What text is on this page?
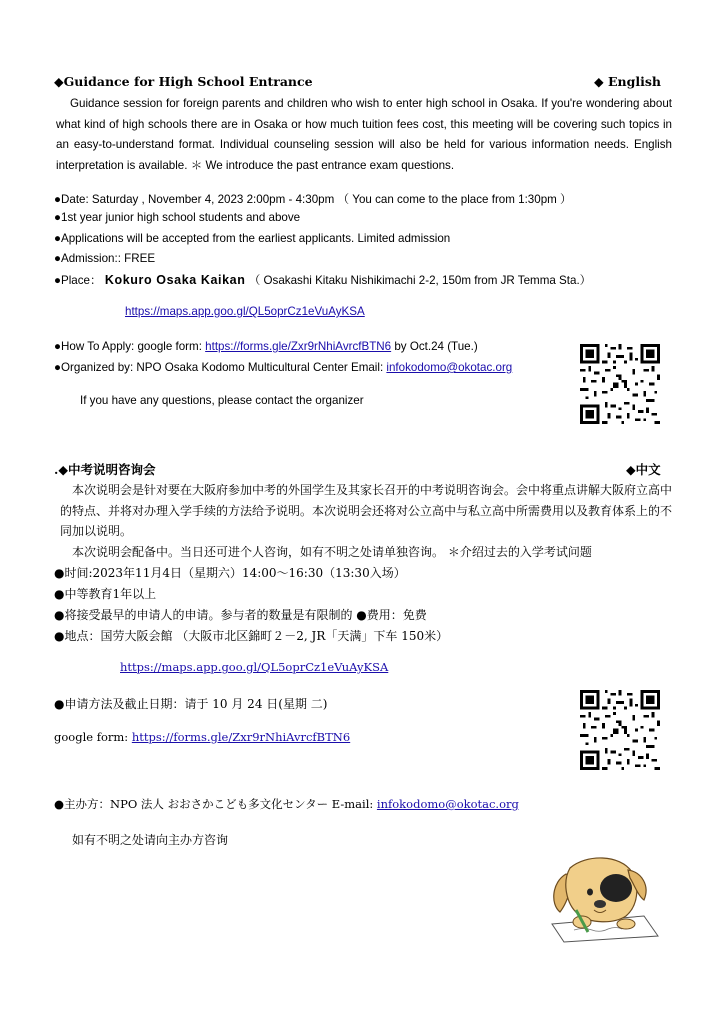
◆Guidance for High School Entrance	◆ English

Guidance session for foreign parents and children who wish to enter high school in Osaka. If you're wondering about what kind of high schools there are in Osaka or how much tuition fees cost, this meeting will be covering such topics in an easy-to-understand format. Individual counseling session will also be held for various information needs. English interpretation is available. ＊ We introduce the past entrance exam questions.

●Date: Saturday , November 4, 2023 2:00pm - 4:30pm （ You can come to the place from 1:30pm ）
●1st year junior high school students and above
●Applications will be accepted from the earliest applicants. Limited admission
●Admission:: FREE
●Place： Kokuro Osaka Kaikan （ Osakashi Kitaku Nishikimachi 2-2, 150m from JR Temma Sta.）
https://maps.app.goo.gl/QL5oprCz1eVuAyKSA
●How To Apply: google form: https://forms.gle/Zxr9rNhiAvrcfBTN6 by Oct.24 (Tue.)
●Organized by: NPO Osaka Kodomo Multicultural Center Email: infokodomo@okotac.org
If you have any questions, please contact the organizer
.◆中考说明咨询会	◆中文

本次说明会是针对要在大阪府参加中考的外国学生及其家长召开的中考说明咨询会。会中将重点讲解大阪府立高中的特点、并将对办理入学手续的方法给予说明。本次说明会还将对公立高中与私立高中所需费用以及教育体系上的不同加以说明。

本次说明会配备中。当日还可进个人咨询，如有不明之处请单独咨询。 ＊介绍过去的入学考试问题
●时间:2023年11月4日（星期六）14:00～16:30（13:30入场）
●中等教育1年以上
●将接受最早的申请人的申请。参与者的数量是有限制的 ●费用：免费
●地点：国劳大阪会館 （大阪市北区錦町２－2, JR「天满」下车 150米）
https://maps.app.goo.gl/QL5oprCz1eVuAyKSA
●申请方法及截止日期：请于 10 月 24 日(星期 二)
google form: https://forms.gle/Zxr9rNhiAvrcfBTN6
●主办方：NPO 法人 おおさかこども多文化センター E-mail: infokodomo@okotac.org
如有不明之处请向主办方咨询
